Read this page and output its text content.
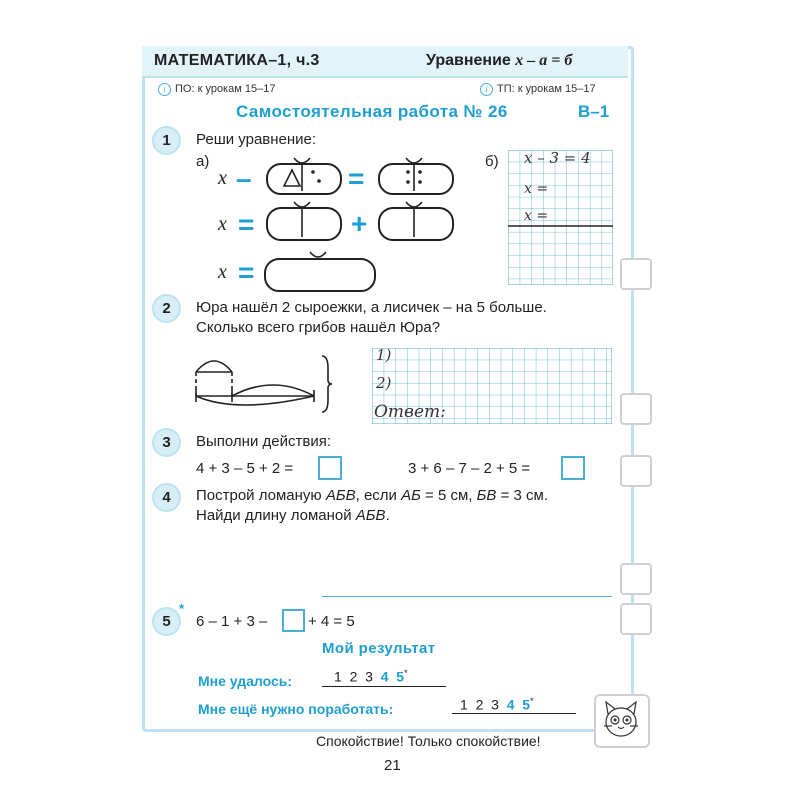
МАТЕМАТИКА–1, ч.3	Уравнение x – a = б
i ПО: к урокам 15–17	i ТП: к урокам 15–17
Самостоятельная работа № 26	В–1
1	Реши уравнение:
а)
x –	=
x =	+
x =
б) x – 3 = 4
x =
x =
2	Юра нашёл 2 сыроежки, а лисичек – на 5 больше.
Сколько всего грибов нашёл Юра?
1)
2)
Ответ:
3	Выполни действия:
4 + 3 – 5 + 2 =	3 + 6 – 7 – 2 + 5 =
4	Построй ломаную АБВ, если АБ = 5 см, БВ = 3 см.
Найди длину ломаной АБВ.
5
*
6 – 1 + 3 –	+ 4 = 5
Мой результат
Мне удалось:	1  2  3 4  5*
Мне ещё нужно поработать:	1  2  3 4  5*
Спокойствие! Только спокойствие!
21
